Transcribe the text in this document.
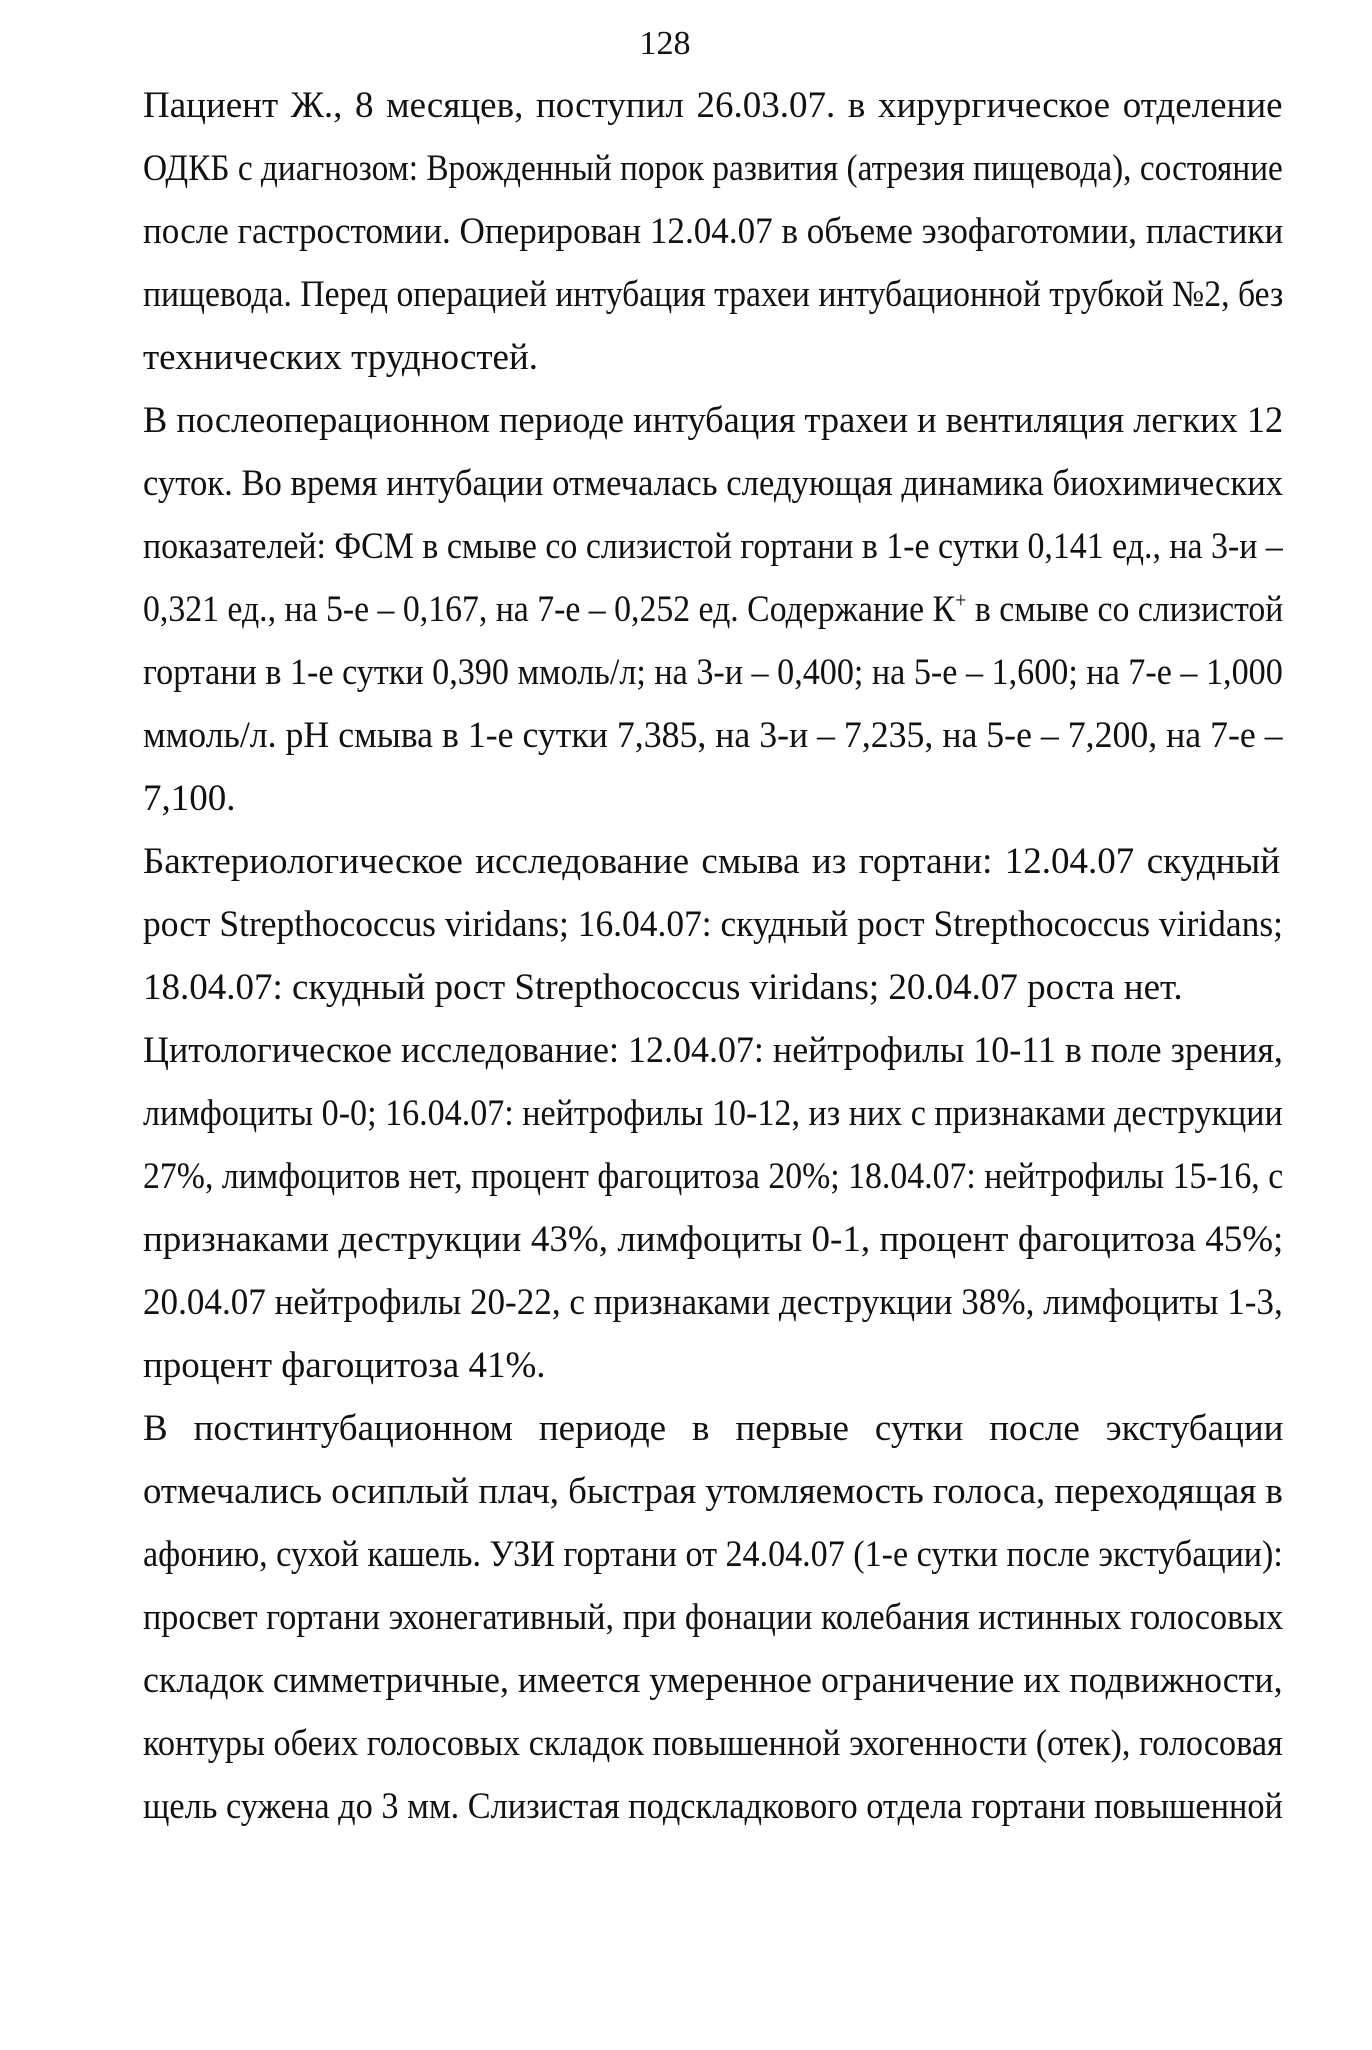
128
Пациент Ж., 8 месяцев, поступил 26.03.07. в хирургическое отделение
ОДКБ с диагнозом: Врожденный порок развития (атрезия пищевода), состояние
после гастростомии. Оперирован 12.04.07 в объеме эзофаготомии, пластики
пищевода. Перед операцией интубация трахеи интубационной трубкой №2, без
технических трудностей.
В послеоперационном периоде интубация трахеи и вентиляция легких 12
суток. Во время интубации отмечалась следующая динамика биохимических
показателей: ФСМ в смыве со слизистой гортани в 1-е сутки 0,141 ед., на 3-и –
0,321 ед., на 5-е – 0,167, на 7-е – 0,252 ед. Содержание К+ в смыве со слизистой
гортани в 1-е сутки 0,390 ммоль/л; на 3-и – 0,400; на 5-е – 1,600; на 7-е – 1,000
ммоль/л. рН смыва в 1-е сутки 7,385, на 3-и – 7,235, на 5-е – 7,200, на 7-е –
7,100.
Бактериологическое исследование смыва из гортани: 12.04.07 скудный
рост Strepthococcus viridans; 16.04.07: скудный рост Strepthococcus viridans;
18.04.07: скудный рост Strepthococcus viridans; 20.04.07 роста нет.
Цитологическое исследование: 12.04.07: нейтрофилы 10-11 в поле зрения,
лимфоциты 0-0; 16.04.07: нейтрофилы 10-12, из них с признаками деструкции
27%, лимфоцитов нет, процент фагоцитоза 20%; 18.04.07: нейтрофилы 15-16, с
признаками деструкции 43%, лимфоциты 0-1, процент фагоцитоза 45%;
20.04.07 нейтрофилы 20-22, с признаками деструкции 38%, лимфоциты 1-3,
процент фагоцитоза 41%.
В постинтубационном периоде в первые сутки после экстубации
отмечались осиплый плач, быстрая утомляемость голоса, переходящая в
афонию, сухой кашель. УЗИ гортани от 24.04.07 (1-е сутки после экстубации):
просвет гортани эхонегативный, при фонации колебания истинных голосовых
складок симметричные, имеется умеренное ограничение их подвижности,
контуры обеих голосовых складок повышенной эхогенности (отек), голосовая
щель сужена до 3 мм. Слизистая подскладкового отдела гортани повышенной
